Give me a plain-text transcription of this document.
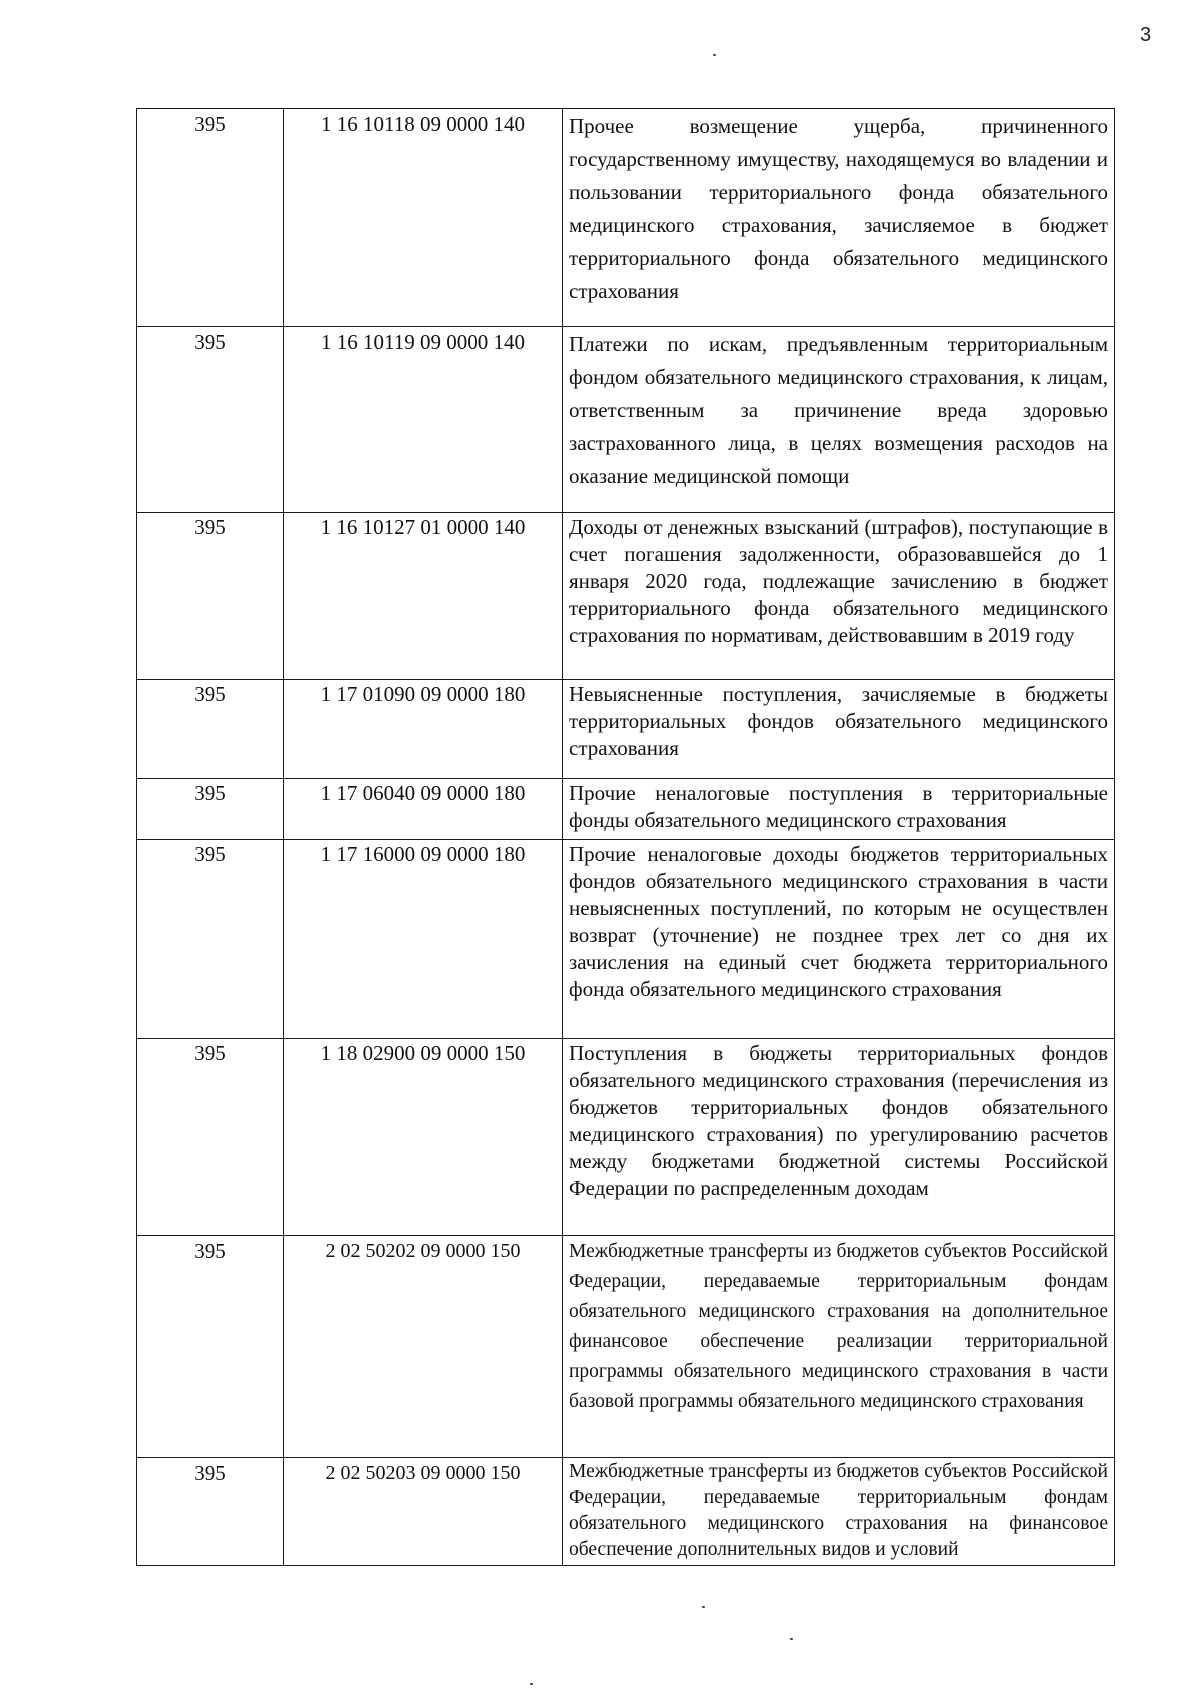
3
395	1 16 10118 09 0000 140	Прочее возмещение ущерба, причиненного государственному имуществу, находящемуся во владении и пользовании территориального фонда обязательного медицинского страхования, зачисляемое в бюджет территориального фонда обязательного медицинского страхования
395	1 16 10119 09 0000 140	Платежи по искам, предъявленным территориальным фондом обязательного медицинского страхования, к лицам, ответственным за причинение вреда здоровью застрахованного лица, в целях возмещения расходов на оказание медицинской помощи
395	1 16 10127 01 0000 140	Доходы от денежных взысканий (штрафов), поступающие в счет погашения задолженности, образовавшейся до 1 января 2020 года, подлежащие зачислению в бюджет территориального фонда обязательного медицинского страхования по нормативам, действовавшим в 2019 году
395	1 17 01090 09 0000 180	Невыясненные поступления, зачисляемые в бюджеты территориальных фондов обязательного медицинского страхования
395	1 17 06040 09 0000 180	Прочие неналоговые поступления в территориальные фонды обязательного медицинского страхования
395	1 17 16000 09 0000 180	Прочие неналоговые доходы бюджетов территориальных фондов обязательного медицинского страхования в части невыясненных поступлений, по которым не осуществлен возврат (уточнение) не позднее трех лет со дня их зачисления на единый счет бюджета территориального фонда обязательного медицинского страхования
395	1 18 02900 09 0000 150	Поступления в бюджеты территориальных фондов обязательного медицинского страхования (перечисления из бюджетов территориальных фондов обязательного медицинского страхования) по урегулированию расчетов между бюджетами бюджетной системы Российской Федерации по распределенным доходам
395	2 02 50202 09 0000 150	Межбюджетные трансферты из бюджетов субъектов Российской Федерации, передаваемые территориальным фондам обязательного медицинского страхования на дополнительное финансовое обеспечение реализации территориальной программы обязательного медицинского страхования в части базовой программы обязательного медицинского страхования
395	2 02 50203 09 0000 150	Межбюджетные трансферты из бюджетов субъектов Российской Федерации, передаваемые территориальным фондам обязательного медицинского страхования на финансовое обеспечение дополнительных видов и условий
